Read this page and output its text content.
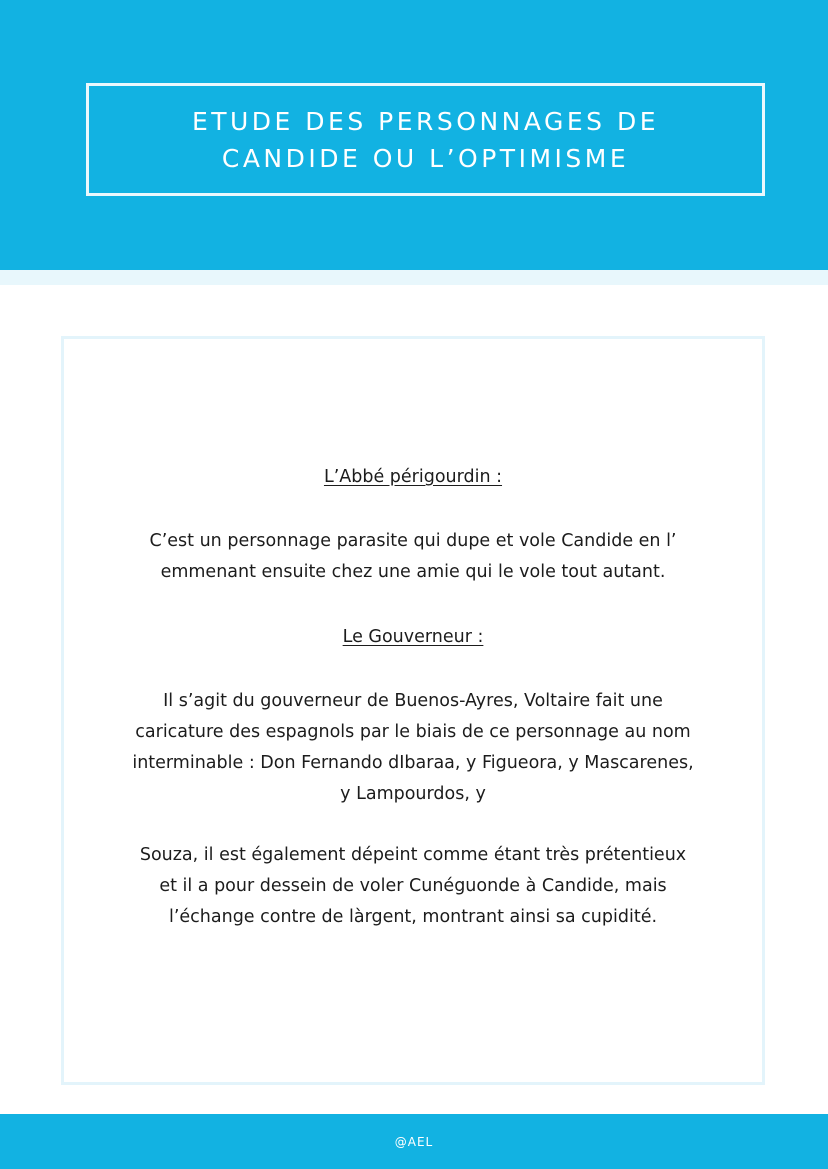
ETUDE DES PERSONNAGES DE
CANDIDE OU L’OPTIMISME

L’Abbé périgourdin :

C’est un personnage parasite qui dupe et vole Candide en l’

emmenant ensuite chez une amie qui le vole tout autant.

Le Gouverneur :

Il s’agit du gouverneur de Buenos-Ayres, Voltaire fait une

caricature des espagnols par le biais de ce personnage au nom

interminable : Don Fernando dIbaraa, y Figueora, y Mascarenes,

y Lampourdos, y

Souza, il est également dépeint comme étant très prétentieux

et il a pour dessein de voler Cunéguonde à Candide, mais

l’échange contre de làrgent, montrant ainsi sa cupidité.

@AEL
